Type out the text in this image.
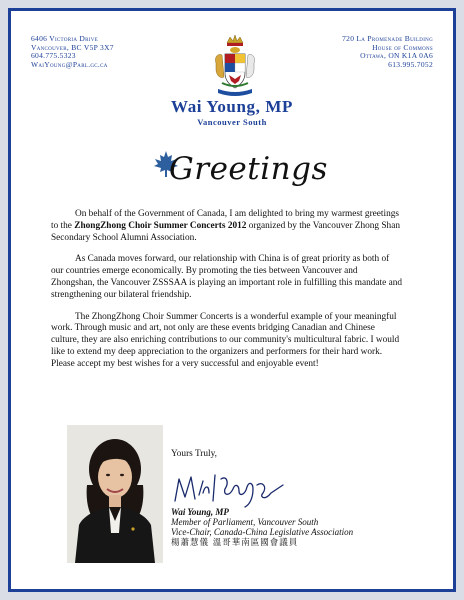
6406 Victoria Drive
Vancouver, BC V5P 3X7
604.775.5323
WaiYoung@Parl.gc.ca
720 La Promenade Building
House of Commons
Ottawa, ON K1A 0A6
613.995.7052
Wai Young, MP
Vancouver South
Greetings

On behalf of the Government of Canada, I am delighted to bring my warmest greetings to the ZhongZhong Choir Summer Concerts 2012 organized by the Vancouver Zhong Shan Secondary School Alumni Association.

As Canada moves forward, our relationship with China is of great priority as both of our countries emerge economically. By promoting the ties between Vancouver and Zhongshan, the Vancouver ZSSSAA is playing an important role in fulfilling this mandate and strengthening our bilateral friendship.

The ZhongZhong Choir Summer Concerts is a wonderful example of your meaningful work. Through music and art, not only are these events bridging Canadian and Chinese culture, they are also enriching contributions to our community's multicultural fabric. I would like to extend my deep appreciation to the organizers and performers for their hard work. Please accept my best wishes for a very successful and enjoyable event!

Yours Truly,
Wai Young, MP
Member of Parliament, Vancouver South
Vice-Chair, Canada-China Legislative Association
楊蕭慧儀 溫哥華南區國會議員
